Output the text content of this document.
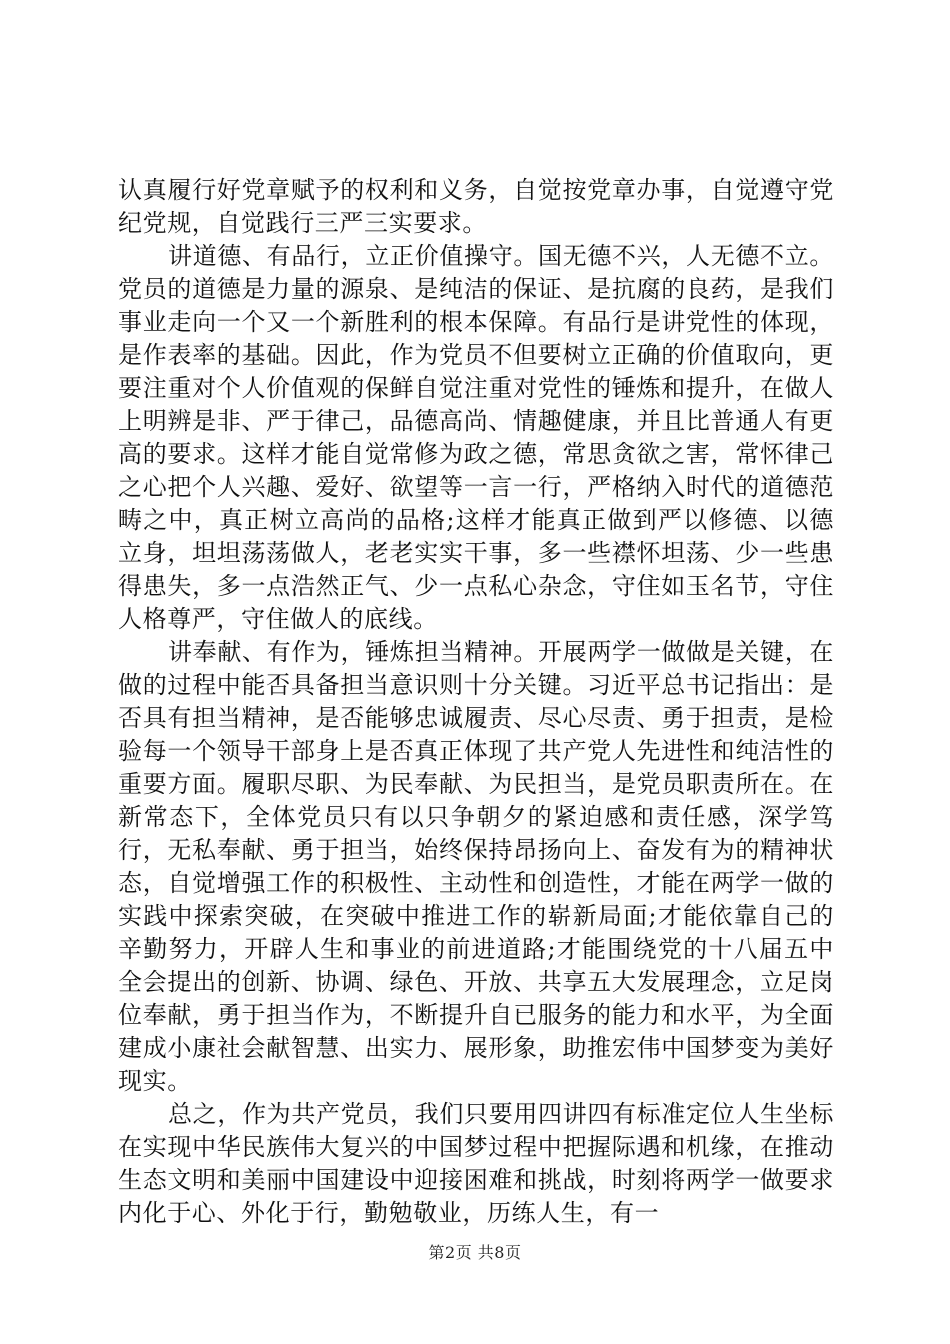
认真履行好党章赋予的权利和义务，自觉按党章办事，自觉遵守党纪党规，自觉践行三严三实要求。

讲道德、有品行，立正价值操守。国无德不兴，人无德不立。党员的道德是力量的源泉、是纯洁的保证、是抗腐的良药，是我们事业走向一个又一个新胜利的根本保障。有品行是讲党性的体现，是作表率的基础。因此，作为党员不但要树立正确的价值取向，更要注重对个人价值观的保鲜自觉注重对党性的锤炼和提升，在做人上明辨是非、严于律己，品德高尚、情趣健康，并且比普通人有更高的要求。这样才能自觉常修为政之德，常思贪欲之害，常怀律己之心把个人兴趣、爱好、欲望等一言一行，严格纳入时代的道德范畴之中，真正树立高尚的品格;这样才能真正做到严以修德、以德立身，坦坦荡荡做人，老老实实干事，多一些襟怀坦荡、少一些患得患失，多一点浩然正气、少一点私心杂念，守住如玉名节，守住人格尊严，守住做人的底线。

讲奉献、有作为，锤炼担当精神。开展两学一做做是关键，在做的过程中能否具备担当意识则十分关键。习近平总书记指出：是否具有担当精神，是否能够忠诚履责、尽心尽责、勇于担责，是检验每一个领导干部身上是否真正体现了共产党人先进性和纯洁性的重要方面。履职尽职、为民奉献、为民担当，是党员职责所在。在新常态下，全体党员只有以只争朝夕的紧迫感和责任感，深学笃行，无私奉献、勇于担当，始终保持昂扬向上、奋发有为的精神状态，自觉增强工作的积极性、主动性和创造性，才能在两学一做的实践中探索突破，在突破中推进工作的崭新局面;才能依靠自己的辛勤努力，开辟人生和事业的前进道路;才能围绕党的十八届五中全会提出的创新、协调、绿色、开放、共享五大发展理念，立足岗位奉献，勇于担当作为，不断提升自已服务的能力和水平，为全面建成小康社会献智慧、出实力、展形象，助推宏伟中国梦变为美好现实。

总之，作为共产党员，我们只要用四讲四有标准定位人生坐标在实现中华民族伟大复兴的中国梦过程中把握际遇和机缘，在推动生态文明和美丽中国建设中迎接困难和挑战，时刻将两学一做要求内化于心、外化于行，勤勉敬业，历练人生，有一

第2页 共8页
